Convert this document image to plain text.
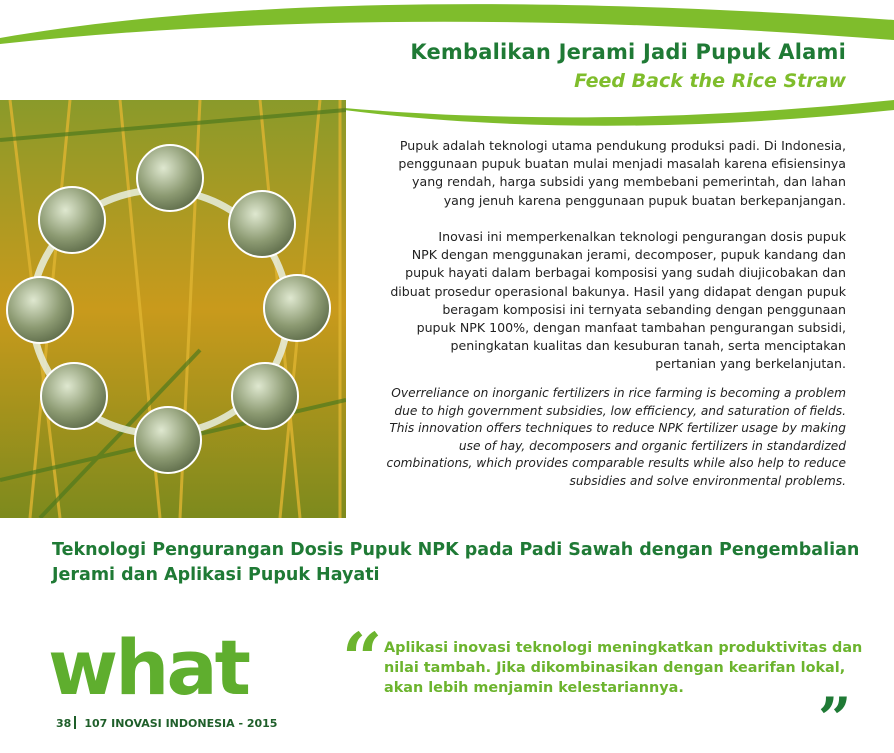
Kembalikan Jerami Jadi Pupuk Alami
Feed Back the Rice Straw
Pupuk adalah teknologi utama pendukung produksi padi. Di Indonesia,
penggunaan pupuk buatan mulai menjadi masalah karena efisiensinya
yang rendah, harga subsidi yang membebani pemerintah, dan lahan
yang jenuh karena penggunaan pupuk buatan berkepanjangan.
Inovasi ini memperkenalkan teknologi pengurangan dosis pupuk
NPK dengan menggunakan jerami, decomposer, pupuk kandang dan
pupuk hayati dalam berbagai komposisi yang sudah diujicobakan dan
dibuat prosedur operasional bakunya. Hasil yang didapat dengan pupuk
beragam komposisi ini ternyata sebanding dengan penggunaan
pupuk NPK 100%, dengan manfaat tambahan pengurangan subsidi,
peningkatan kualitas dan kesuburan tanah, serta menciptakan
pertanian yang berkelanjutan.
Overreliance on inorganic fertilizers in rice farming is becoming a problem
due to high government subsidies, low efficiency, and saturation of fields.
This innovation offers techniques to reduce NPK fertilizer usage by making
use of hay, decomposers and organic fertilizers in standardized
combinations, which provides comparable results while also help to reduce
subsidies and solve environmental problems.
Teknologi Pengurangan Dosis Pupuk NPK pada Padi Sawah dengan Pengembalian
Jerami dan Aplikasi Pupuk Hayati
what
38 107 INOVASI INDONESIA - 2015
“ Aplikasi inovasi teknologi meningkatkan produktivitas dan
nilai tambah. Jika dikombinasikan dengan kearifan lokal,
akan lebih menjamin kelestariannya.	”
